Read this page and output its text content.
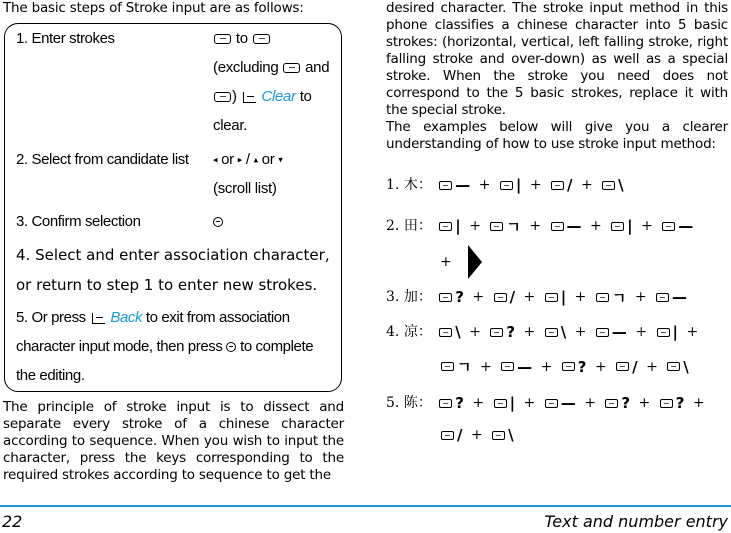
The basic steps of Stroke input are as follows:
1. Enter strokes	to
(excluding and
)  Clear to
clear.
2. Select from candidate list	◂ or ▸ / ▴ or ▾
(scroll list)
3. Confirm selection
4. Select and enter association character,
or return to step 1 to enter new strokes.
5. Or press Back to exit from association
character input mode, then press to complete
the editing.
The principle of stroke input is to dissect and separate every stroke of a chinese character according to sequence. When you wish to input the character, press the keys corresponding to the required strokes according to sequence to get the
desired character. The stroke input method in this phone classifies a chinese character into 5 basic strokes: (horizontal, vertical, left falling stroke, right falling stroke and over-down) as well as a special stroke. When the stroke you need does not correspond to the 5 basic strokes, replace it with the special stroke.
The examples below will give you a clearer understanding of how to use stroke input method:
1. 木： — + | + / + \
2. 田： | + ㄱ + — + | + —
+
3. 加： ? + / + | + ㄱ + —
4. 凉： \ + ? + \ + — + | +
ㄱ + — + ? + / + \
5. 陈： ? + | + — + ? + ? +
/ + \
22	Text and number entry
